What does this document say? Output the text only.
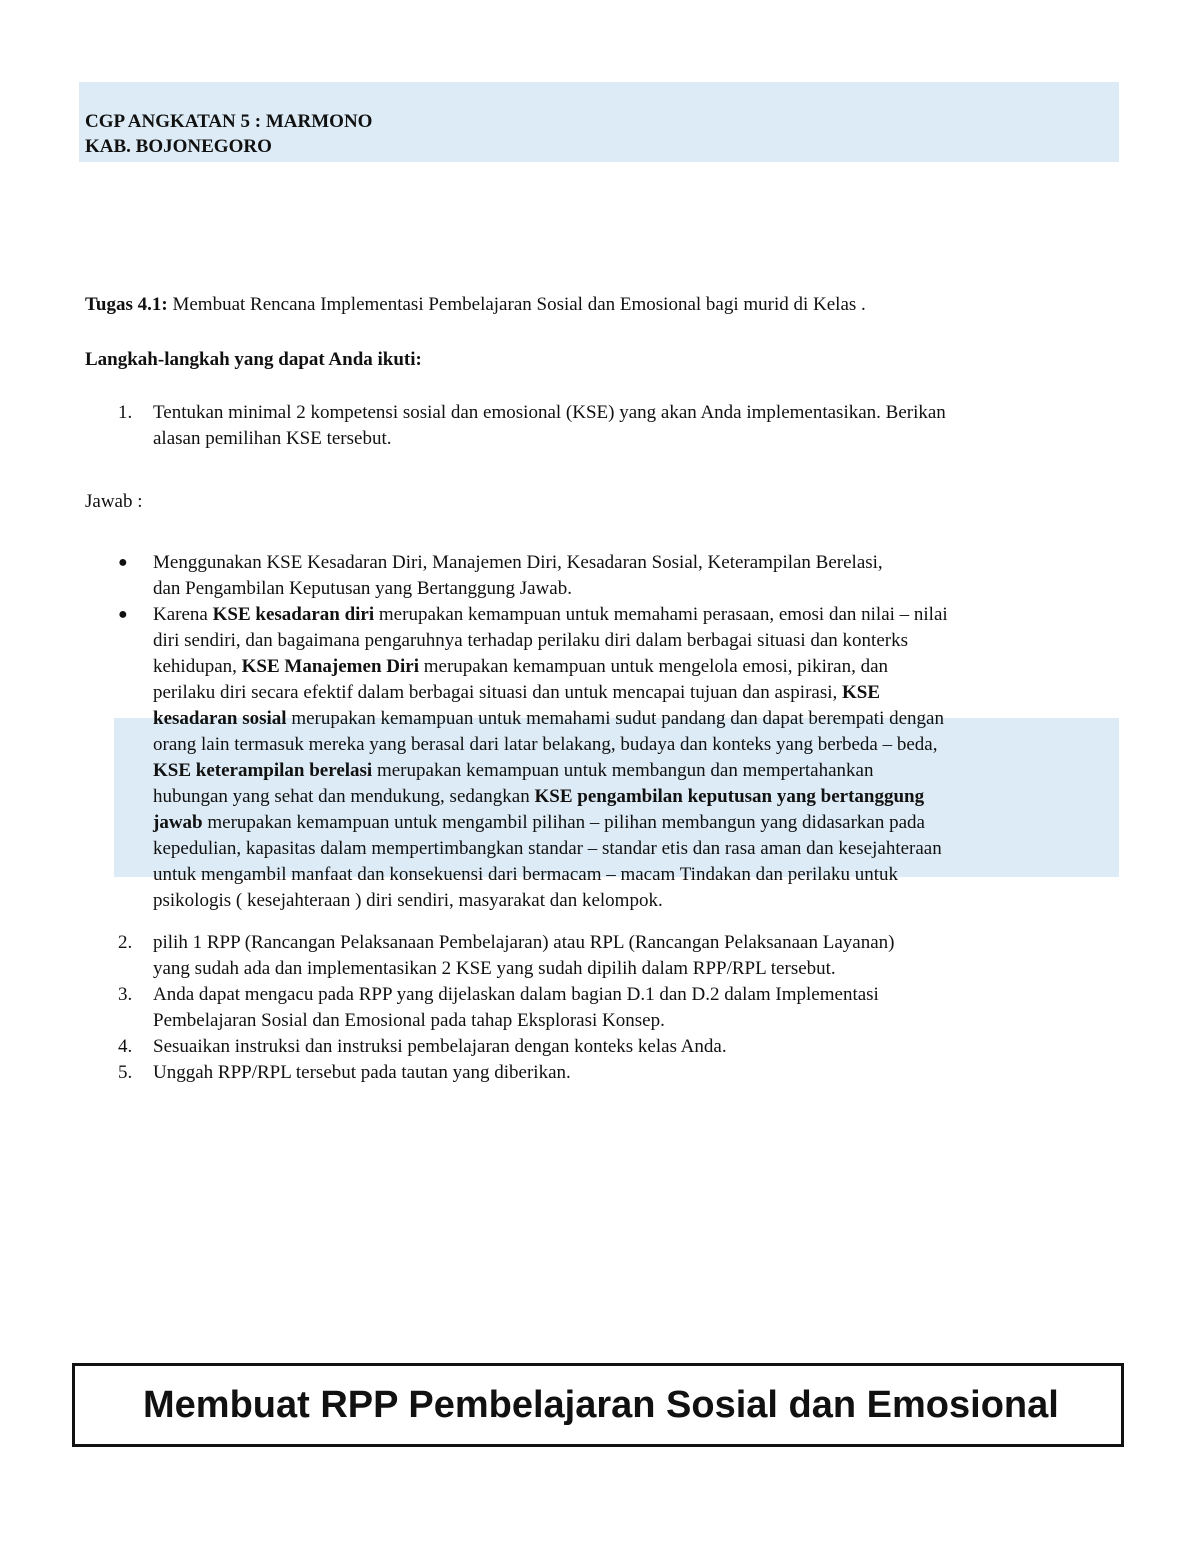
CGP ANGKATAN 5 : MARMONO
KAB. BOJONEGORO
Tugas 4.1: Membuat Rencana Implementasi Pembelajaran Sosial dan Emosional bagi murid di Kelas .
Langkah-langkah yang dapat Anda ikuti:
1. Tentukan minimal 2 kompetensi sosial dan emosional (KSE) yang akan Anda implementasikan. Berikan
alasan pemilihan KSE tersebut.
Jawab :
● Menggunakan KSE Kesadaran Diri, Manajemen Diri, Kesadaran Sosial, Keterampilan Berelasi,
dan Pengambilan Keputusan yang Bertanggung Jawab.
● Karena KSE kesadaran diri merupakan kemampuan untuk memahami perasaan, emosi dan nilai – nilai
diri sendiri, dan bagaimana pengaruhnya terhadap perilaku diri dalam berbagai situasi dan konterks
kehidupan, KSE Manajemen Diri merupakan kemampuan untuk mengelola emosi, pikiran, dan
perilaku diri secara efektif dalam berbagai situasi dan untuk mencapai tujuan dan aspirasi, KSE
kesadaran sosial merupakan kemampuan untuk memahami sudut pandang dan dapat berempati dengan
orang lain termasuk mereka yang berasal dari latar belakang, budaya dan konteks yang berbeda – beda,
KSE keterampilan berelasi merupakan kemampuan untuk membangun dan mempertahankan
hubungan yang sehat dan mendukung, sedangkan KSE pengambilan keputusan yang bertanggung
jawab merupakan kemampuan untuk mengambil pilihan – pilihan membangun yang didasarkan pada
kepedulian, kapasitas dalam mempertimbangkan standar – standar etis dan rasa aman dan kesejahteraan
untuk mengambil manfaat dan konsekuensi dari bermacam – macam Tindakan dan perilaku untuk
psikologis ( kesejahteraan ) diri sendiri, masyarakat dan kelompok.
2. pilih 1 RPP (Rancangan Pelaksanaan Pembelajaran) atau RPL (Rancangan Pelaksanaan Layanan)
yang sudah ada dan implementasikan 2 KSE yang sudah dipilih dalam RPP/RPL tersebut.
3. Anda dapat mengacu pada RPP yang dijelaskan dalam bagian D.1 dan D.2 dalam Implementasi
Pembelajaran Sosial dan Emosional pada tahap Eksplorasi Konsep.
4. Sesuaikan instruksi dan instruksi pembelajaran dengan konteks kelas Anda.
5. Unggah RPP/RPL tersebut pada tautan yang diberikan.
Membuat RPP Pembelajaran Sosial dan Emosional
